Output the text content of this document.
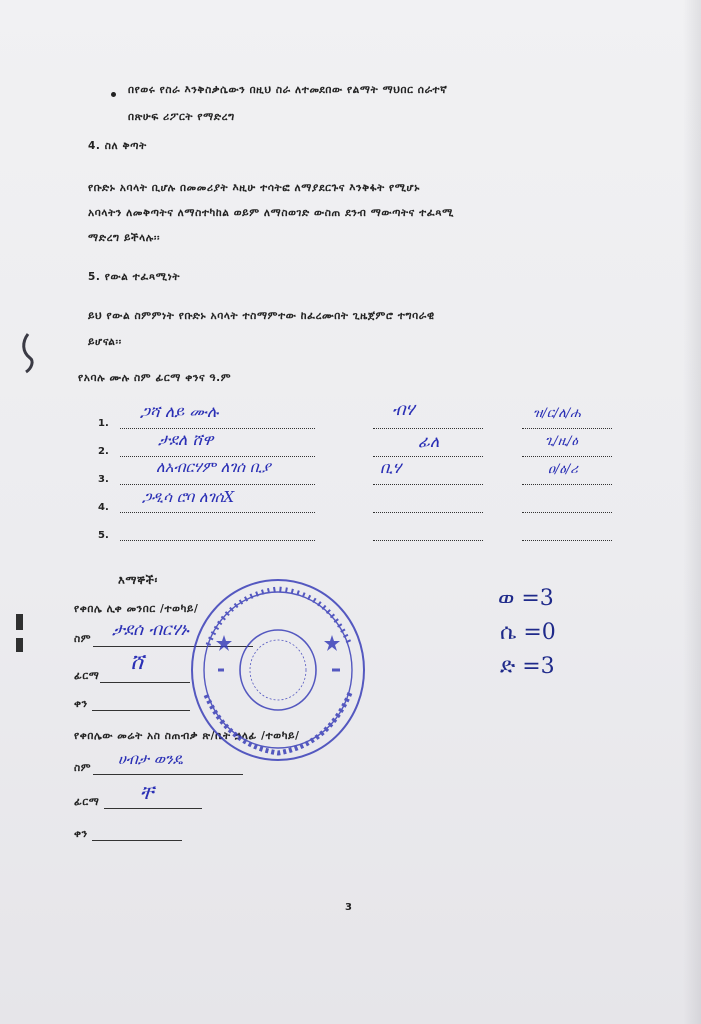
በየወሩ የስራ እንቅስቃሴውን በዚህ ስራ ለተመደበው የልማት ማህበር ሰራተኛ
በጽሁፍ ሪፖርት የማድረግ
4. ስለ ቅጣት
የቡድኑ አባላት ቢሆሉ በመመሪያት እዚሁ ተሳትፎ ለማያደርጉና እንቅፋት የሚሆኑ
አባላትን ለመቅጣትና ለማስተካከል ወይም ለማስወገድ ውስጠ ደንብ ማውጣትና ተፈጻሚ
ማድረግ ይችላሉ፡፡
5. የውል ተፈጻሚነት
ይህ የውል ስምምነት የቡድኑ አባላት ተስማምተው ከፈረሙበት ጊዜጀምሮ ተግባራዊ
ይሆናል፡፡
የአባሉ ሙሉ ስም ፊርማ ቀንና ዓ.ም
1.
ጋሻ ለይ ሙሉ	ብሃ	ዝ/ር/ለ/ሐ
2.
ታደለ ሸዋ	ፊለ	ጊ/ዚ/ዕ
3.
ለአብርሃም ለገሰ ቢያ	ቢሃ	ዐ/ዕ/ሪ
4.
ጋዲሳ ሮባ ለገሰX
5.
እማኞች፡
የቀበሌ ሊቀ መንበር /ተወካይ/
ስም ታደሰ ብርሃኑ
ፊርማ
ሸ
ቀን
የቀበሌው መሬት አስ ስጠብቃ ጽ/ቤት ኃላፊ /ተወካይ/
ስም ሀብታ ወንዴ
ፊርማ ቸ
ቀን
ወ =3
ሴ =0
ድ =3
3
